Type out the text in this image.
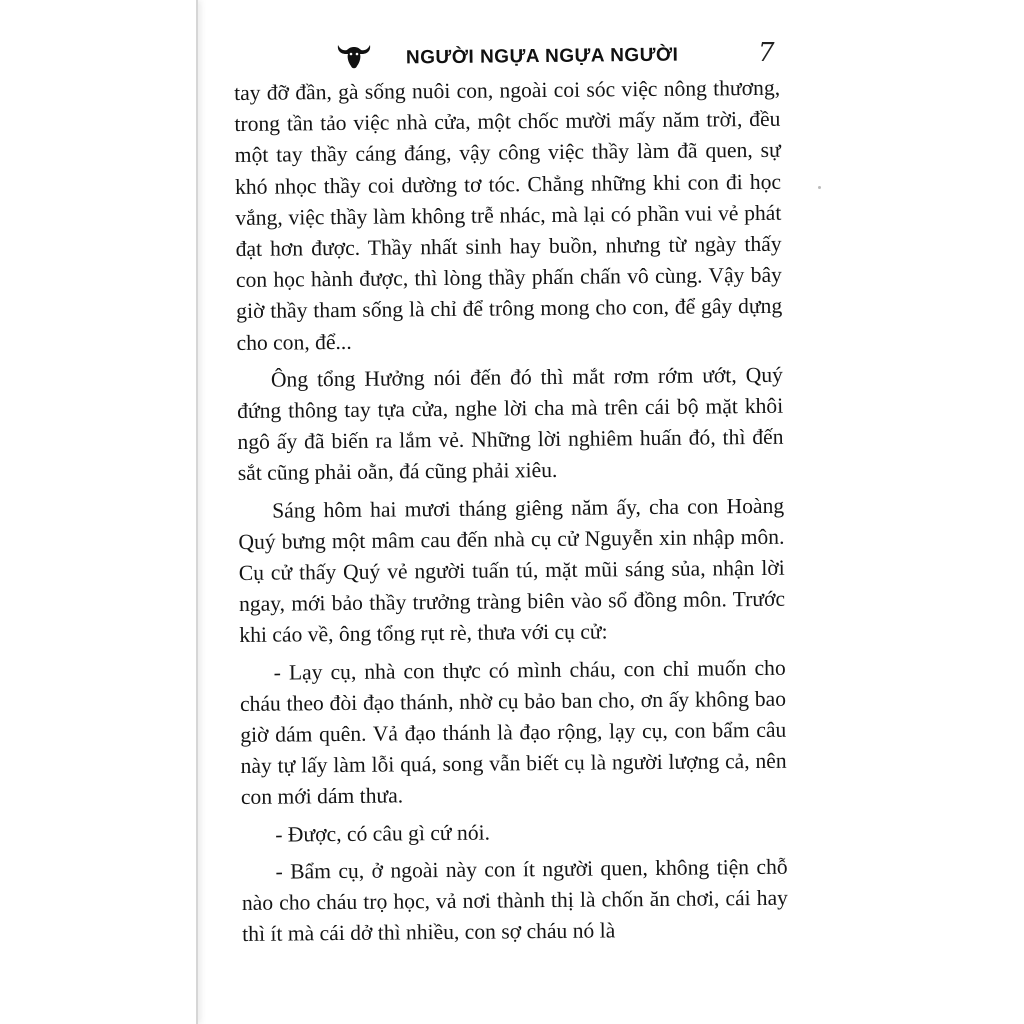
NGƯỜI NGỰA NGỰA NGƯỜI	7

tay đỡ đần, gà sống nuôi con, ngoài coi sóc việc nông thương, trong tần tảo việc nhà cửa, một chốc mười mấy năm trời, đều một tay thầy cáng đáng, vậy công việc thầy làm đã quen, sự khó nhọc thầy coi dường tơ tóc. Chẳng những khi con đi học vắng, việc thầy làm không trễ nhác, mà lại có phần vui vẻ phát đạt hơn được. Thầy nhất sinh hay buồn, nhưng từ ngày thấy con học hành được, thì lòng thầy phấn chấn vô cùng. Vậy bây giờ thầy tham sống là chỉ để trông mong cho con, để gây dựng cho con, để...

Ông tổng Hưởng nói đến đó thì mắt rơm rớm ướt, Quý đứng thông tay tựa cửa, nghe lời cha mà trên cái bộ mặt khôi ngô ấy đã biến ra lắm vẻ. Những lời nghiêm huấn đó, thì đến sắt cũng phải oằn, đá cũng phải xiêu.

Sáng hôm hai mươi tháng giêng năm ấy, cha con Hoàng Quý bưng một mâm cau đến nhà cụ cử Nguyễn xin nhập môn. Cụ cử thấy Quý vẻ người tuấn tú, mặt mũi sáng sủa, nhận lời ngay, mới bảo thầy trưởng tràng biên vào sổ đồng môn. Trước khi cáo về, ông tổng rụt rè, thưa với cụ cử:

- Lạy cụ, nhà con thực có mình cháu, con chỉ muốn cho cháu theo đòi đạo thánh, nhờ cụ bảo ban cho, ơn ấy không bao giờ dám quên. Vả đạo thánh là đạo rộng, lạy cụ, con bẩm câu này tự lấy làm lỗi quá, song vẫn biết cụ là người lượng cả, nên con mới dám thưa.

- Được, có câu gì cứ nói.

- Bẩm cụ, ở ngoài này con ít người quen, không tiện chỗ nào cho cháu trọ học, vả nơi thành thị là chốn ăn chơi, cái hay thì ít mà cái dở thì nhiều, con sợ cháu nó là
